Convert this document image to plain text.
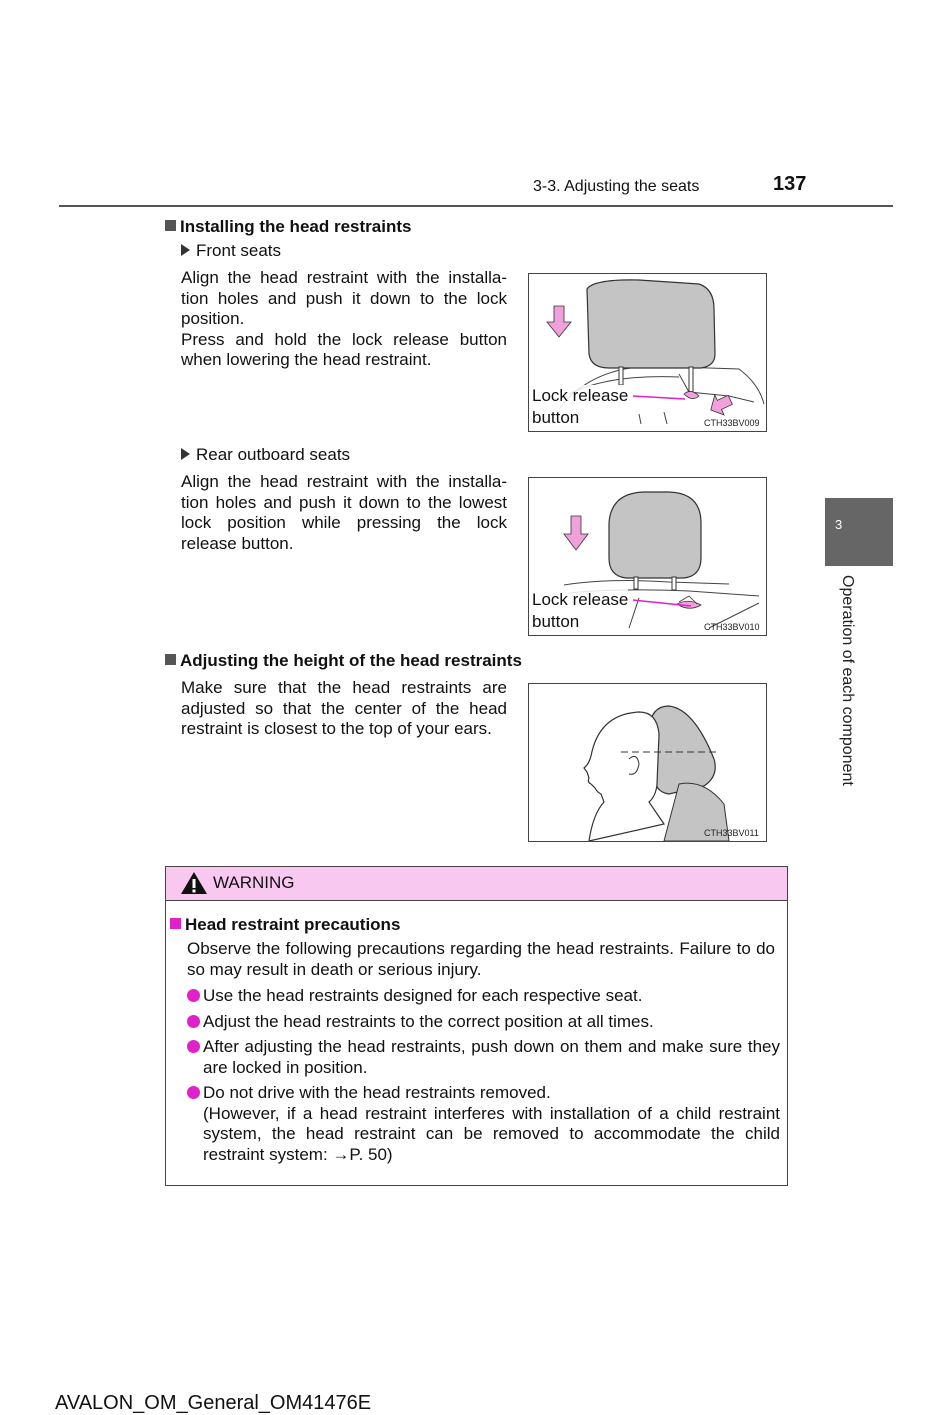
3-3. Adjusting the seats	137
3
Operation of each component
Installing the head restraints
Front seats
Align the head restraint with the installa-tion holes and push it down to the lock position.
Press and hold the lock release button when lowering the head restraint.
Lock release
button	CTH33BV009
Rear outboard seats
Align the head restraint with the installa-tion holes and push it down to the lowest lock position while pressing the lock release button.
Lock release
button	CTH33BV010
Adjusting the height of the head restraints
Make sure that the head restraints are adjusted so that the center of the head restraint is closest to the top of your ears.
CTH33BV011
WARNING
Head restraint precautions
Observe the following precautions regarding the head restraints. Failure to do so may result in death or serious injury.
Use the head restraints designed for each respective seat.
Adjust the head restraints to the correct position at all times.
After adjusting the head restraints, push down on them and make sure they are locked in position.
Do not drive with the head restraints removed.
(However, if a head restraint interferes with installation of a child restraint system, the head restraint can be removed to accommodate the child restraint system: →P. 50)
AVALON_OM_General_OM41476E
